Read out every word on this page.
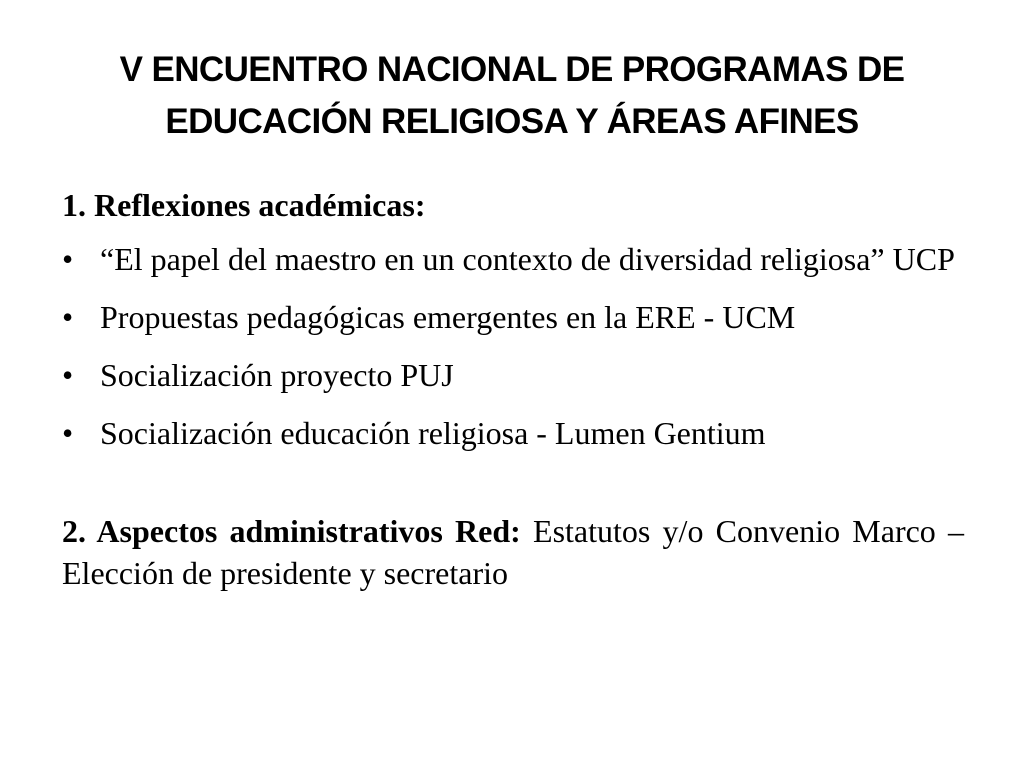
V ENCUENTRO NACIONAL DE PROGRAMAS DE
EDUCACIÓN RELIGIOSA Y ÁREAS AFINES
1. Reflexiones académicas:
• “El papel del maestro en un contexto de diversidad religiosa” UCP
• Propuestas pedagógicas emergentes en la ERE - UCM
• Socialización proyecto PUJ
• Socialización educación religiosa - Lumen Gentium
2. Aspectos administrativos Red: Estatutos y/o Convenio Marco – Elección de presidente y secretario
